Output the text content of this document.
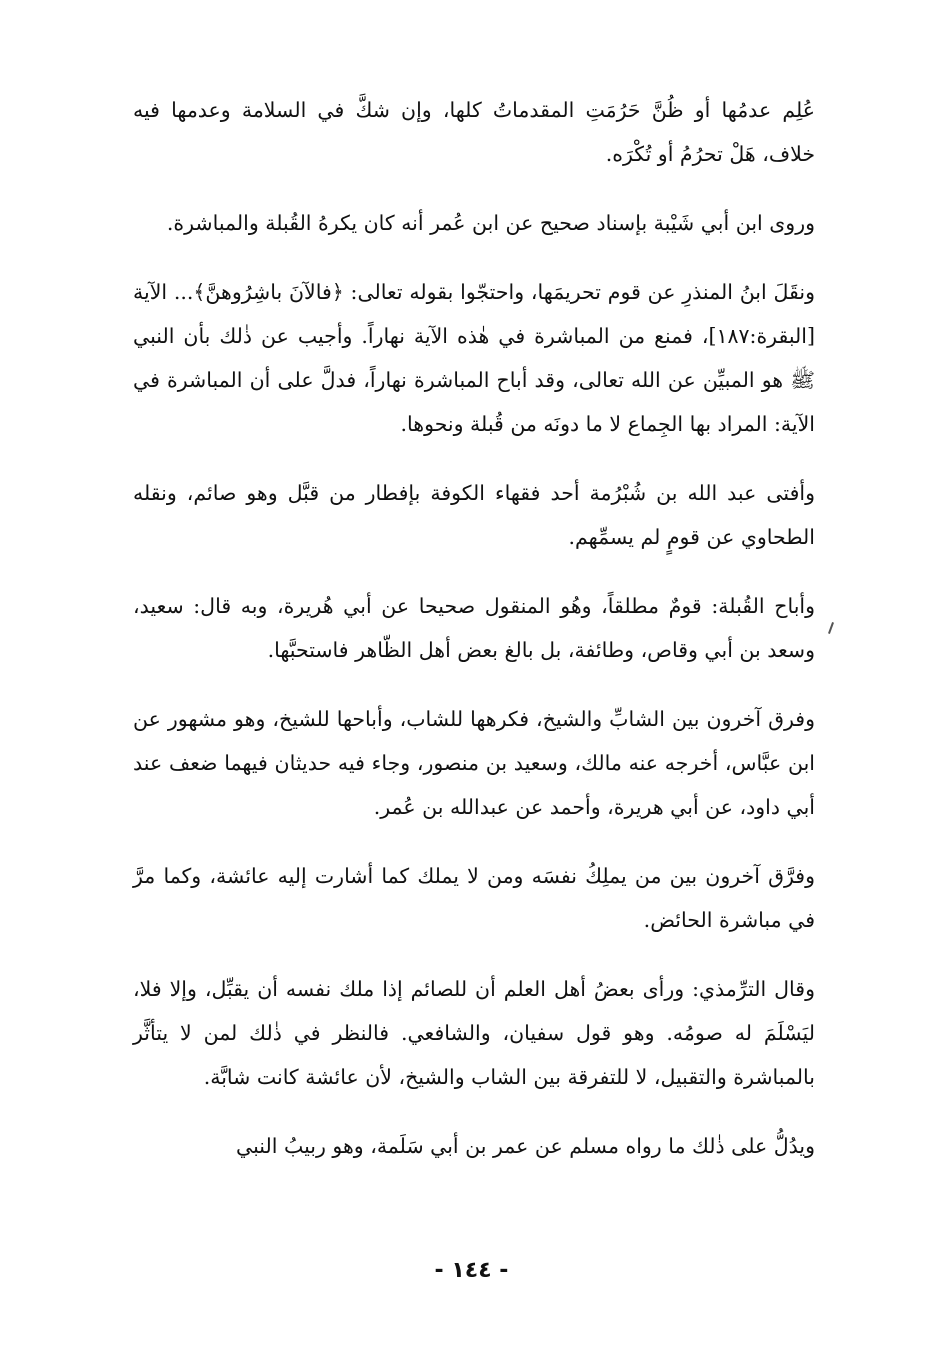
عُلِم عدمُها أو ظُنَّ حَرُمَتِ المقدماتُ كلها، وإن شكَّ في السلامة وعدمها فيه خلاف، هَلْ تحرُمُ أو تُكْرَه.

وروى ابن أبي شَيْبة بإسناد صحيح عن ابن عُمر أنه كان يكرهُ القُبلة والمباشرة.

ونقَلَ ابنُ المنذرِ عن قوم تحريمَها، واحتجّوا بقوله تعالى: ﴿فالآنَ باشِرُوهنَّ﴾... الآية [البقرة:١٨٧]، فمنع من المباشرة في هٰذه الآية نهاراً. وأجيب عن ذٰلك بأن النبي ﷺ هو المبيِّن عن الله تعالى، وقد أباح المباشرة نهاراً، فدلَّ على أن المباشرة في الآية: المراد بها الجِماع لا ما دونَه من قُبلة ونحوها.

وأفتى عبد الله بن شُبْرُمة أحد فقهاء الكوفة بإفطار من قبَّل وهو صائم، ونقله الطحاوي عن قومٍ لم يسمِّهم.

وأباح القُبلة: قومٌ مطلقاً، وهُو المنقول صحيحا عن أبي هُريرة، وبه قال: سعيد، وسعد بن أبي وقاص، وطائفة، بل بالغ بعض أهل الظّاهر فاستحبَّها.

وفرق آخرون بين الشابِّ والشيخ، فكرهها للشاب، وأباحها للشيخ، وهو مشهور عن ابن عبَّاس، أخرجه عنه مالك، وسعيد بن منصور، وجاء فيه حديثان فيهما ضعف عند أبي داود، عن أبي هريرة، وأحمد عن عبدالله بن عُمر.

وفرَّق آخرون بين من يملِكُ نفسَه ومن لا يملك كما أشارت إليه عائشة، وكما مرَّ في مباشرة الحائض.

وقال الترِّمذي: ورأى بعضُ أهل العلم أن للصائم إذا ملك نفسه أن يقبِّل، وإلا فلا، ليَسْلَمَ له صومُه. وهو قول سفيان، والشافعي. فالنظر في ذٰلك لمن لا يتأثَّر بالمباشرة والتقبيل، لا للتفرقة بين الشاب والشيخ، لأن عائشة كانت شابَّة.

ويدُلُّ على ذٰلك ما رواه مسلم عن عمر بن أبي سَلَمة، وهو ربيبُ النبي

- ١٤٤ -
